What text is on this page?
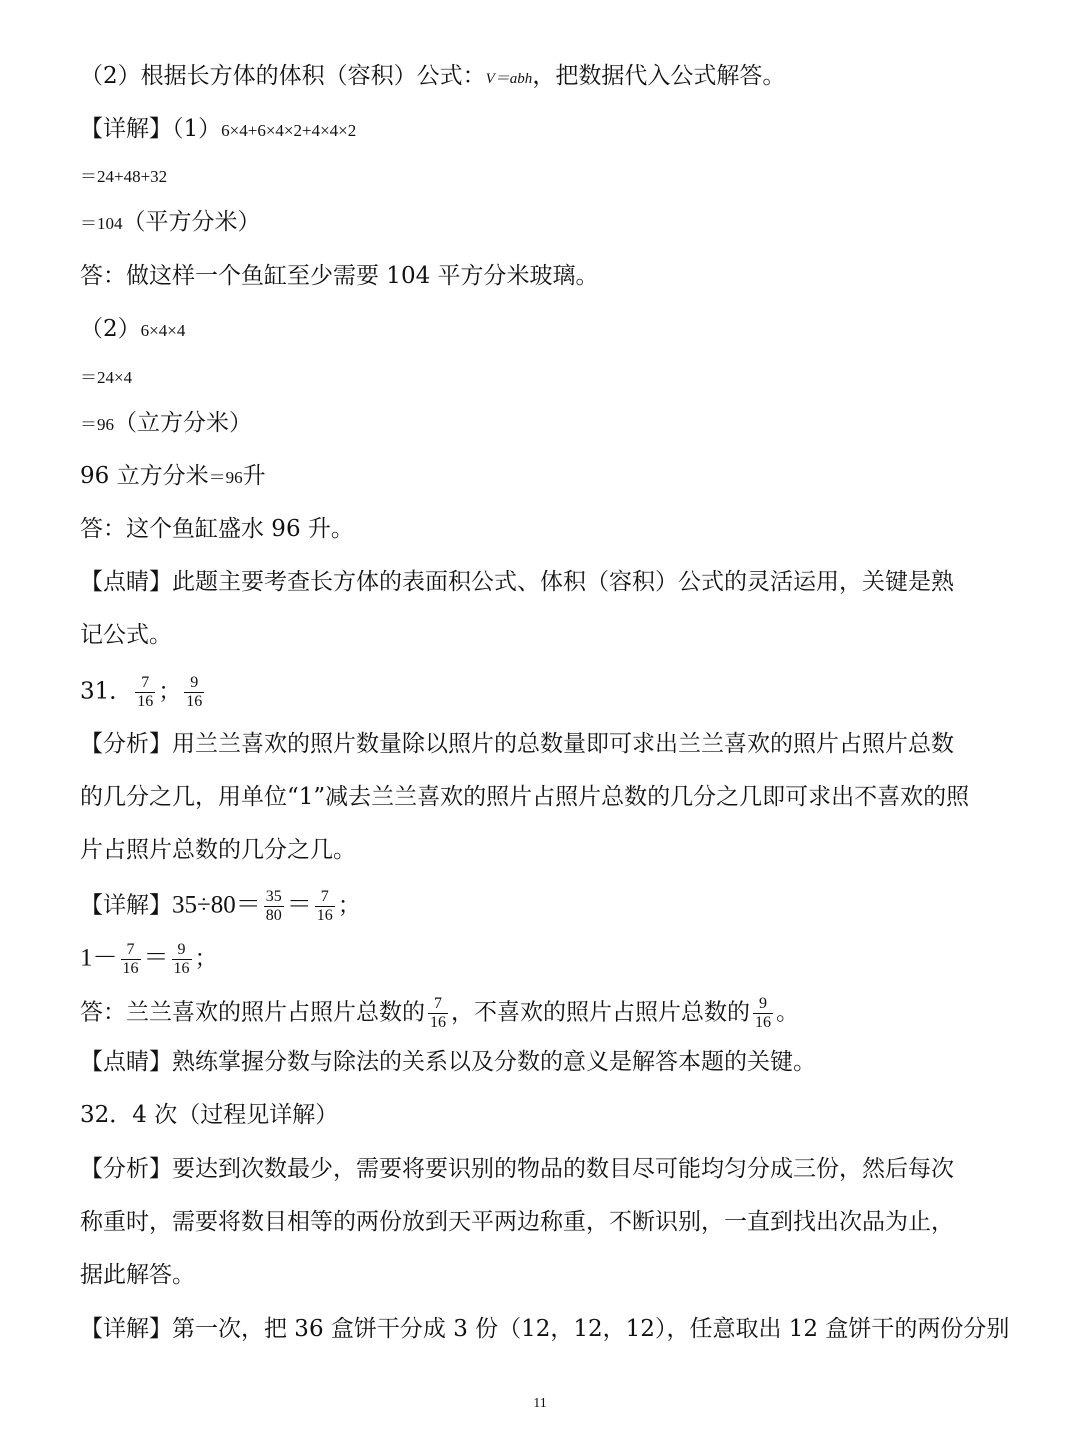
（2）根据长方体的体积（容积）公式：V＝abh，把数据代入公式解答。
【详解】（1）6×4+6×4×2+4×4×2
＝24+48+32
＝104（平方分米）
答：做这样一个鱼缸至少需要 104 平方分米玻璃。
（2）6×4×4
＝24×4
＝96（立方分米）
96 立方分米＝96升
答：这个鱼缸盛水 96 升。
【点睛】此题主要考查长方体的表面积公式、体积（容积）公式的灵活运用，关键是熟
记公式。
31． $\frac{7}{16}$ ； $\frac{9}{16}$
【分析】用兰兰喜欢的照片数量除以照片的总数量即可求出兰兰喜欢的照片占照片总数
的几分之几，用单位“1”减去兰兰喜欢的照片占照片总数的几分之几即可求出不喜欢的照
片占照片总数的几分之几。
【详解】$35\div 80= \frac{35}{80} = \frac{7}{16}$ ；
$1- \frac{7}{16} = \frac{9}{16}$ ；
答：兰兰喜欢的照片占照片总数的 $\frac{7}{16}$ ，不喜欢的照片占照片总数的 $\frac{9}{16}$ 。
【点睛】熟练掌握分数与除法的关系以及分数的意义是解答本题的关键。
32．4 次（过程见详解）
【分析】要达到次数最少，需要将要识别的物品的数目尽可能均匀分成三份，然后每次
称重时，需要将数目相等的两份放到天平两边称重，不断识别，一直到找出次品为止，
据此解答。
【详解】第一次，把 36 盒饼干分成 3 份（12，12，12），任意取出 12 盒饼干的两份分别
11
